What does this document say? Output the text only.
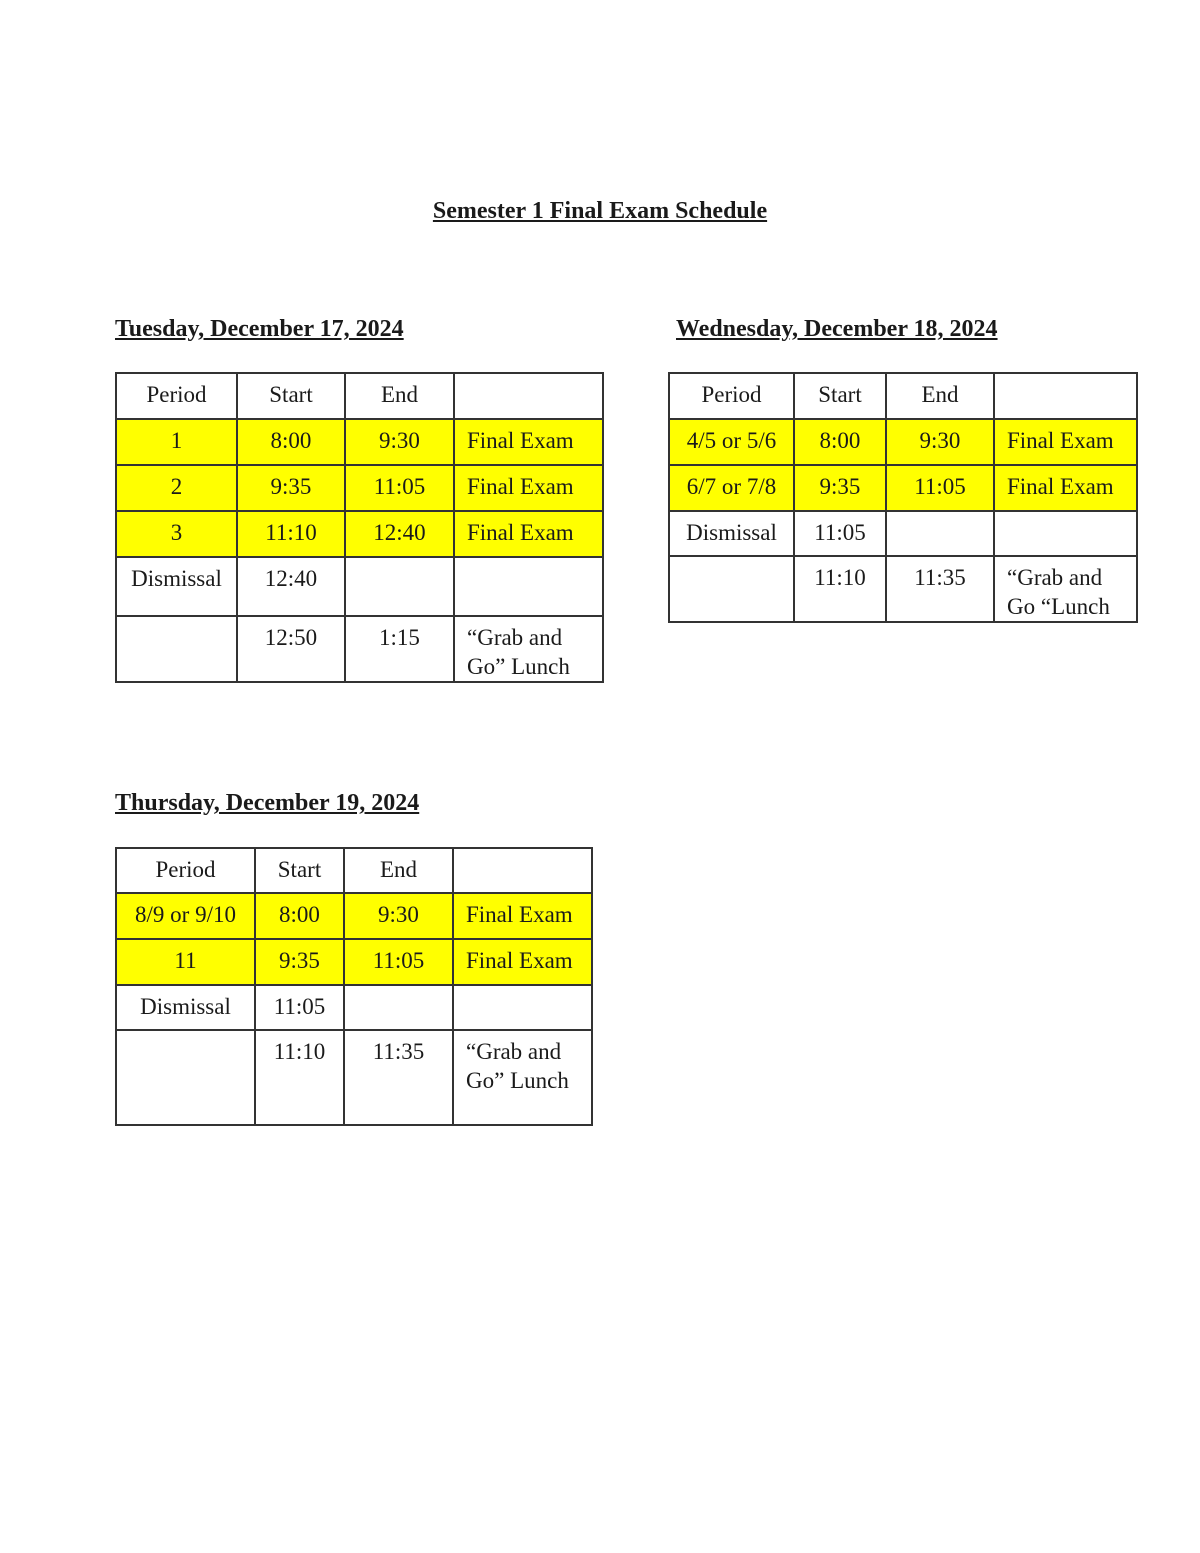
Semester 1 Final Exam Schedule
Tuesday, December 17, 2024
Period	Start	End	
1	8:00	9:30	Final Exam
2	9:35	11:05	Final Exam
3	11:10	12:40	Final Exam
Dismissal	12:40		
	12:50	1:15	“Grab and Go” Lunch
Wednesday, December 18, 2024
Period	Start	End	
4/5 or 5/6	8:00	9:30	Final Exam
6/7 or 7/8	9:35	11:05	Final Exam
Dismissal	11:05		
	11:10	11:35	“Grab and Go “Lunch
Thursday, December 19, 2024
Period	Start	End	
8/9 or 9/10	8:00	9:30	Final Exam
11	9:35	11:05	Final Exam
Dismissal	11:05		
	11:10	11:35	“Grab and Go” Lunch
